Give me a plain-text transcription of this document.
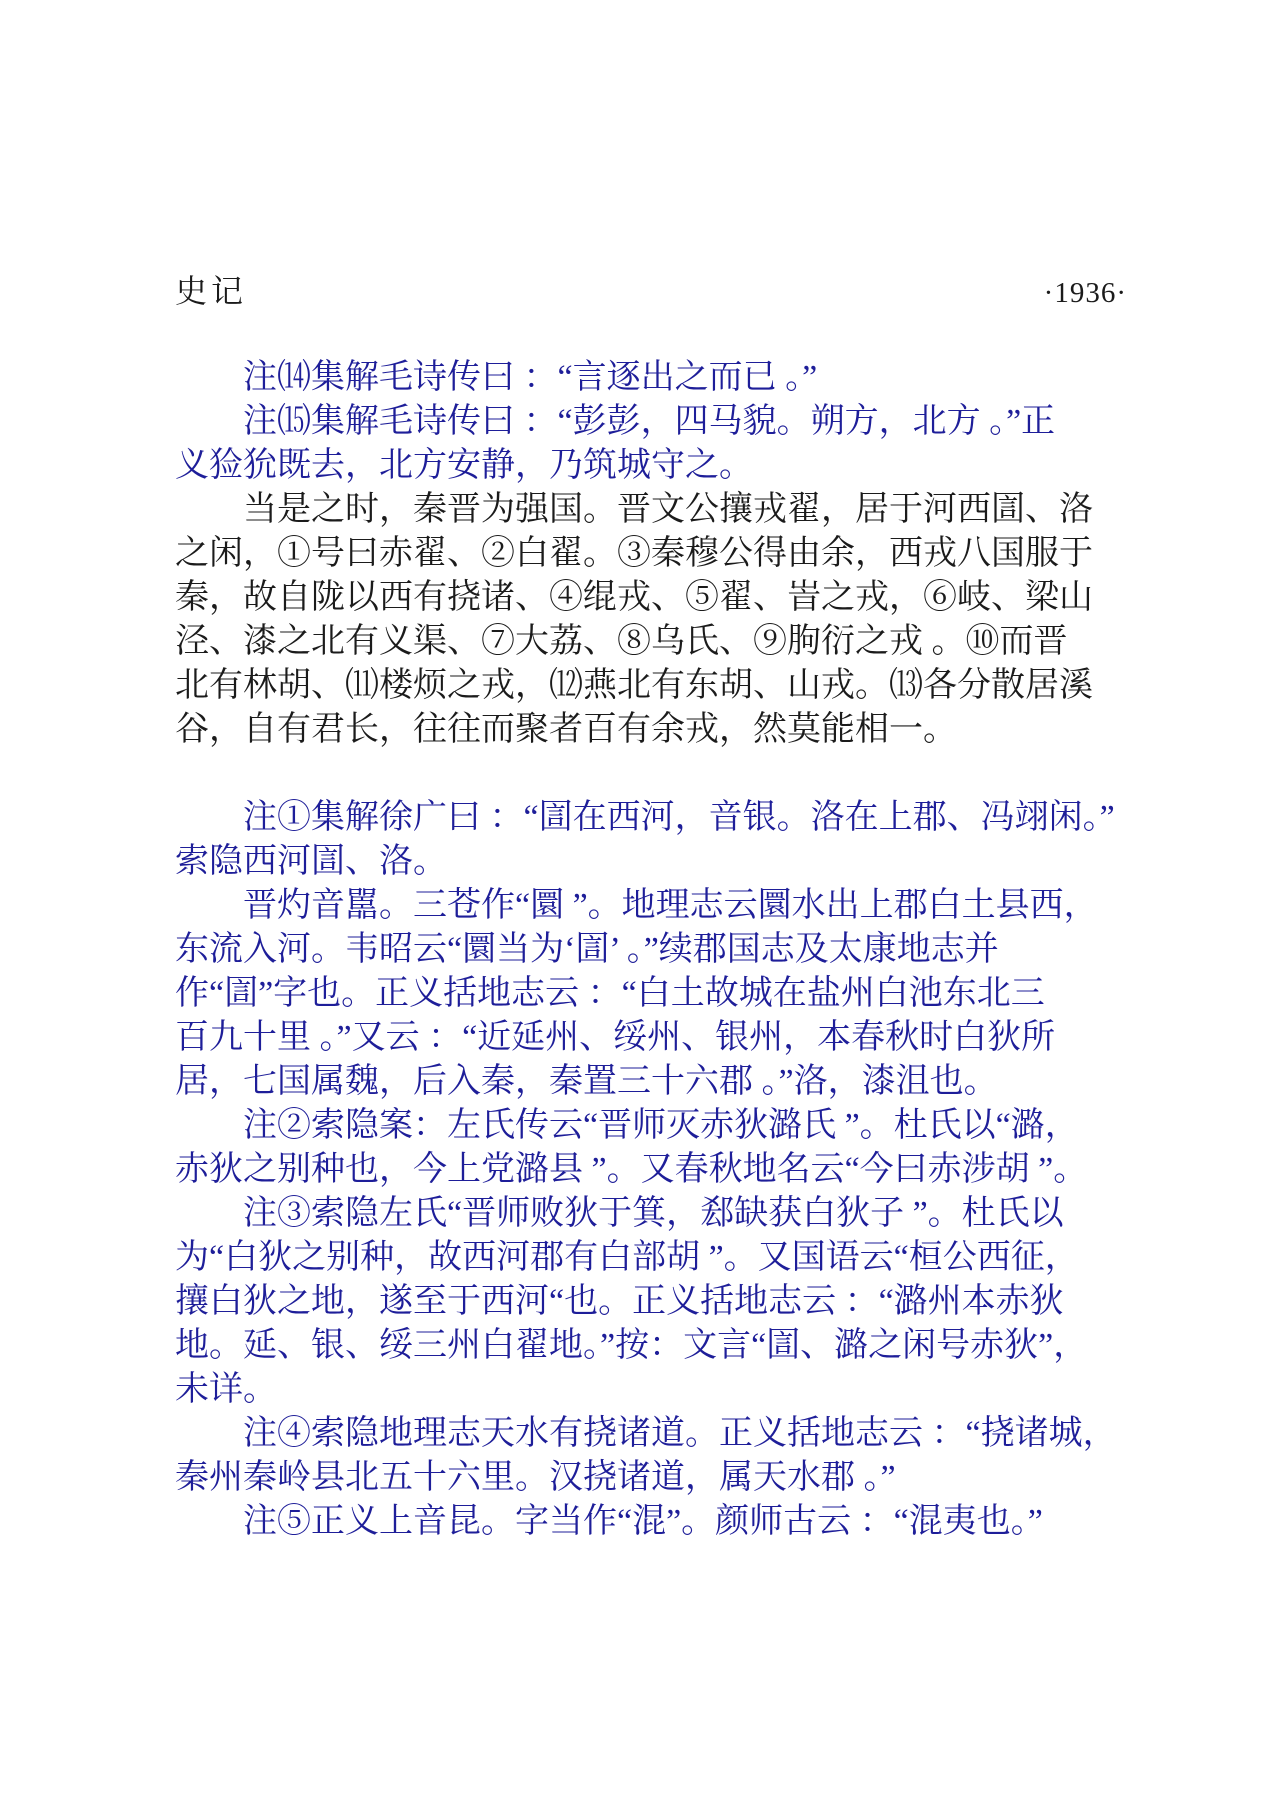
史记	·1936·
注⒁集解毛诗传曰 ：“言逐出之而已 。”
注⒂集解毛诗传曰 ：“彭彭，四马貌。朔方，北方 。”正
义猃狁既去，北方安静，乃筑城守之。
当是之时，秦晋为强国。晋文公攘戎翟，居于河西圁、洛
之闲，①号曰赤翟、②白翟。③秦穆公得由余，西戎八国服于
秦，故自陇以西有挠诸、④绲戎、⑤翟、峕之戎，⑥岐、梁山
泾、漆之北有义渠、⑦大荔、⑧乌氏、⑨朐衍之戎 。⑩而晋
北有林胡、⑾楼烦之戎，⑿燕北有东胡、山戎。⒀各分散居溪
谷，自有君长，往往而聚者百有余戎，然莫能相一。
注①集解徐广曰 ：“圁在西河，音银。洛在上郡、冯翊闲。”
索隐西河圁、洛。
晋灼音嚚。三苍作“圜 ”。地理志云圜水出上郡白土县西，
东流入河。韦昭云“圜当为‘圁’ 。”续郡国志及太康地志并
作“圁”字也。正义括地志云 ：“白土故城在盐州白池东北三
百九十里 。”又云 ：“近延州、绥州、银州，本春秋时白狄所
居，七国属魏，后入秦，秦置三十六郡 。”洛，漆沮也。
注②索隐案：左氏传云“晋师灭赤狄潞氏 ”。杜氏以“潞，
赤狄之别种也，今上党潞县 ”。又春秋地名云“今曰赤涉胡 ”。
注③索隐左氏“晋师败狄于箕，郄缺获白狄子 ”。杜氏以
为“白狄之别种，故西河郡有白部胡 ”。又国语云“桓公西征，
攘白狄之地，遂至于西河“也。正义括地志云 ：“潞州本赤狄
地。延、银、绥三州白翟地。”按：文言“圁、潞之闲号赤狄”，
未详。
注④索隐地理志天水有挠诸道。正义括地志云 ：“挠诸城，
秦州秦岭县北五十六里。汉挠诸道，属天水郡 。”
注⑤正义上音昆。字当作“混”。颜师古云 ：“混夷也。”
